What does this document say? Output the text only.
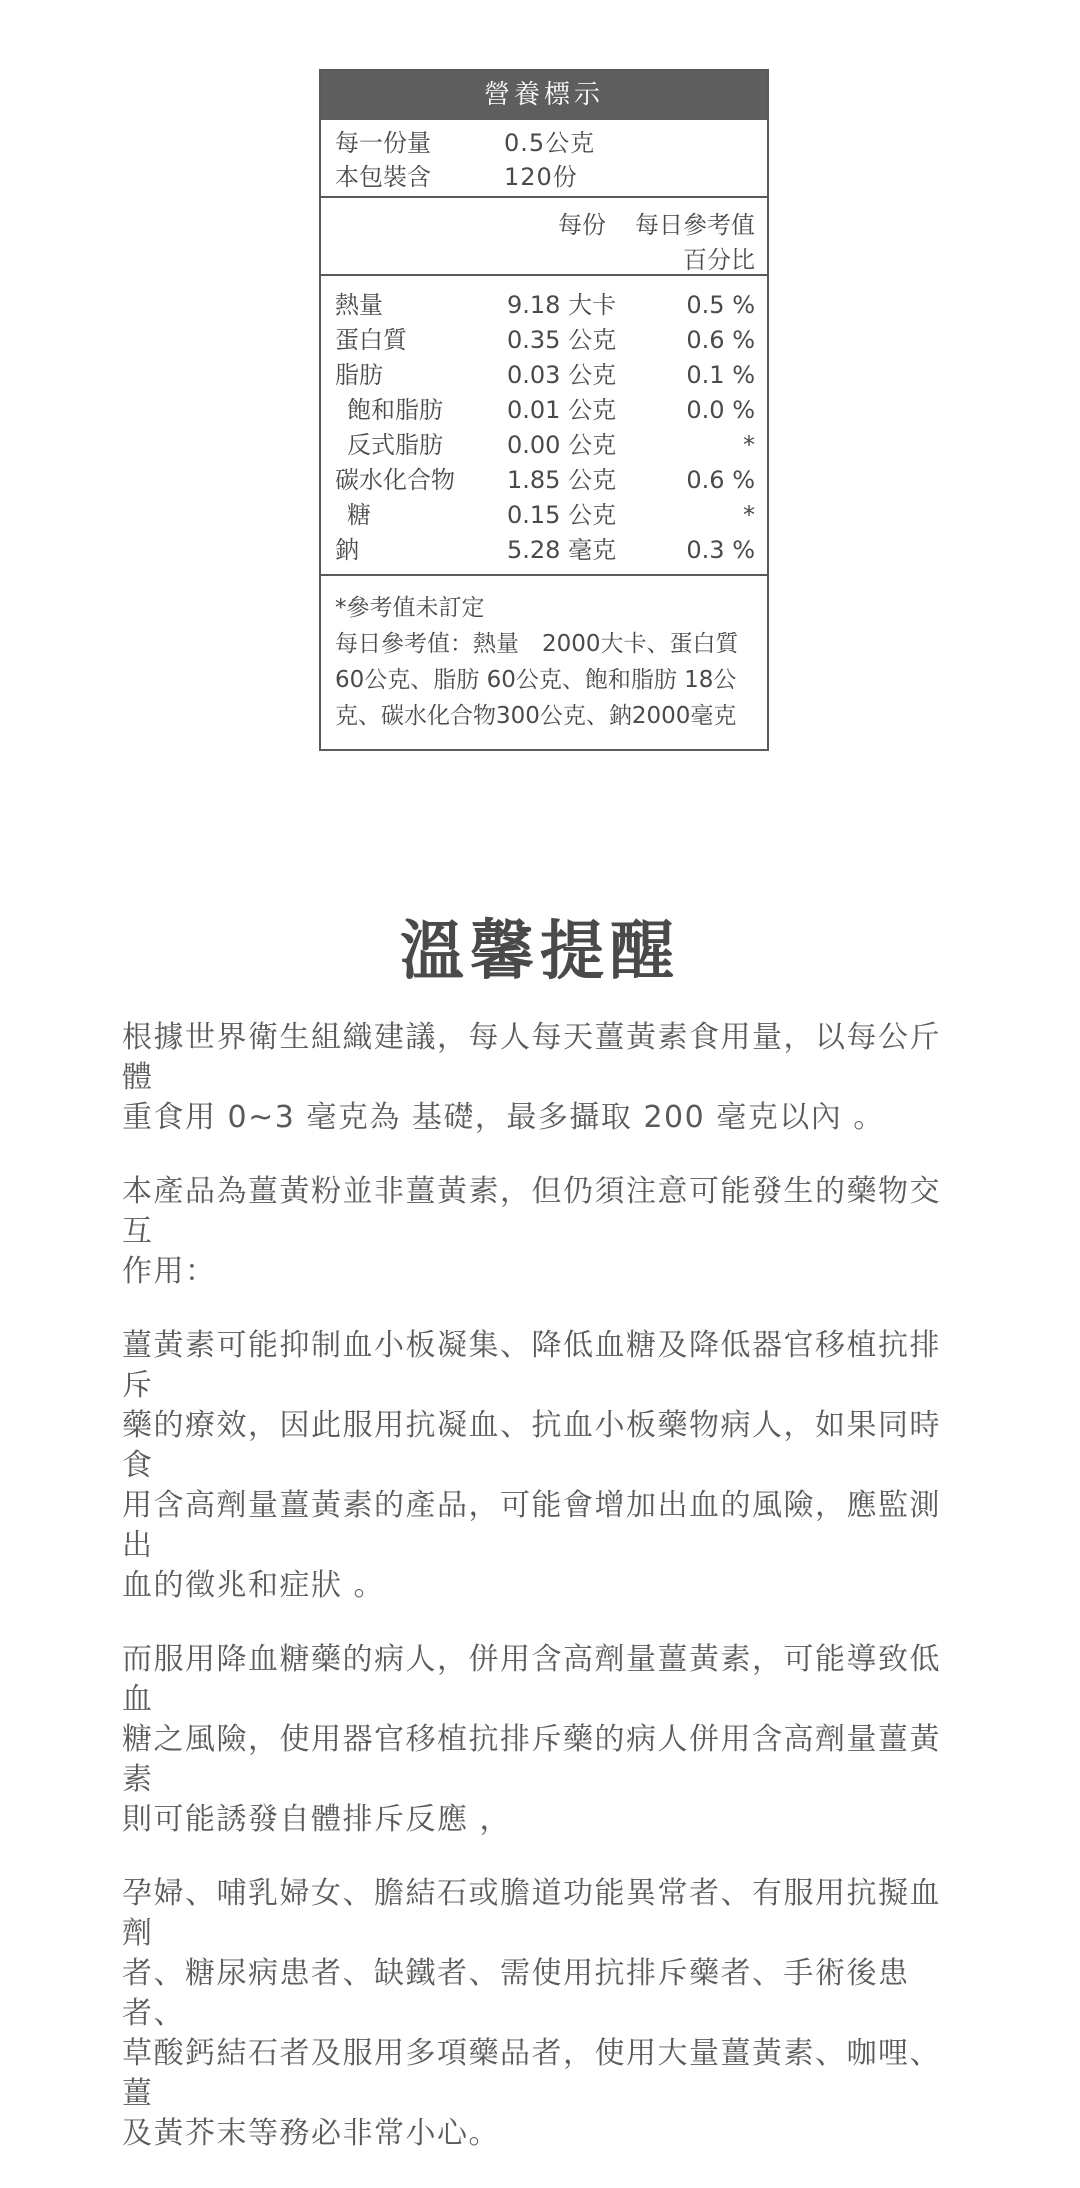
營養標示
每一份量	0.5公克
本包裝含	120份
每份 每日參考值
百分比
熱量	9.18 大卡	0.5 %
蛋白質	0.35 公克	0.6 %
脂肪	0.03 公克	0.1 %
飽和脂肪	0.01 公克	0.0 %
反式脂肪	0.00 公克	*
碳水化合物 1.85 公克	0.6 %
糖	0.15 公克	*
鈉	5.28 毫克	0.3 %
*參考值未訂定
每日參考值：熱量　2000大卡、蛋白質
60公克、脂肪 60公克、飽和脂肪 18公
克、碳水化合物300公克、鈉2000毫克
溫馨提醒
根據世界衛生組織建議，每人每天薑黃素食用量，以每公斤體
重食用 0~3 毫克為 基礎，最多攝取 200 毫克以內 。
本產品為薑黃粉並非薑黃素，但仍須注意可能發生的藥物交互
作用：
薑黃素可能抑制血小板凝集、降低血糖及降低器官移植抗排斥
藥的療效，因此服用抗凝血、抗血小板藥物病人，如果同時食
用含高劑量薑黃素的產品，可能會增加出血的風險，應監測出
血的徵兆和症狀 。
而服用降血糖藥的病人，併用含高劑量薑黃素，可能導致低血
糖之風險，使用器官移植抗排斥藥的病人併用含高劑量薑黃素
則可能誘發自體排斥反應 ，
孕婦、哺乳婦女、膽結石或膽道功能異常者、有服用抗擬血劑
者、糖尿病患者、缺鐵者、需使用抗排斥藥者、手術後患者、
草酸鈣結石者及服用多項藥品者，使用大量薑黃素、咖哩、薑
及黃芥末等務必非常小心。
